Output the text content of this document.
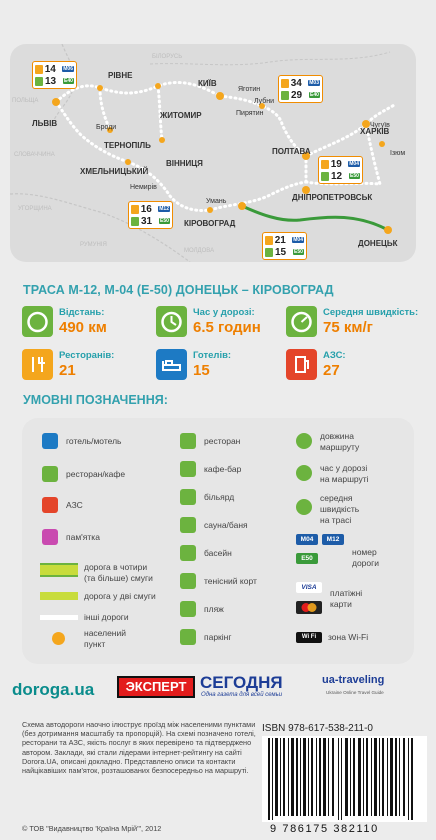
БІЛОРУСЬ
ПОЛЬЩА
СЛОВАЧЧИНА
УГОРЩИНА
РУМУНІЯ
МОЛДОВА
РІВНЕ
КИЇВ
Яготин
ЛЬВІВ	Броди
ЖИТОМИР
Лубни
Пирятин
ХАРКІВ
Чугуїв
ТЕРНОПІЛЬ
ХМЕЛЬНИЦЬКИЙ
ВІННИЦЯ
ПОЛТАВА	Ізюм
Немирів
Умань	ДНІПРОПЕТРОВСЬК
КІРОВОГРАД
ДОНЕЦЬК
14	M06
13	E40	34	M03
29	E40
19	M04
12	E50
16	M12
31	E50
21	M04
15	E50
ТРАСА М-12, М-04 (Е-50) ДОНЕЦЬК – КІРОВОГРАД
Відстань:
490 км
Час у дорозі:
6.5 годин
Середня швидкість:
75 км/г
Ресторанів:
21
Готелів:
15
АЗС:
27
УМОВНІ ПОЗНАЧЕННЯ:
готель/мотель
ресторан/кафе
АЗС
пам'ятка
дорога в чотири
(та більше) смуги
дорога у дві смуги
інші дороги
населений
пункт
ресторан
кафе-бар
більярд
сауна/баня
басейн
тенісний корт
пляж
паркінг
довжина
маршруту
час у дорозі
на маршруті
середня
швидкість
на трасі
M04	M12
E50
номер
дороги
VISA
платіжні
карти
Wi Fi	зона Wi-Fi
doroga.ua	ЭКСПЕРТ СЕГОДНЯ
Одна газета для всей семьи
ua-traveling
Ukraine Online Travel Guide
Схема автодороги наочно ілюструє проїзд між населеними пунктами (без дотримання масштабу та пропорцій). На схемі позначено готелі, ресторани та АЗС, якість послуг в яких перевірено та підтверджено автором. Заклади, які стали лідерами інтернет-рейтингу на сайті Dorога.UA, описані докладно. Представлено описи та контакти найцікавіших пам'яток, розташованих безпосередньо на маршруті.
ISBN 978-617-538-211-0
9 786175 382110
© ТОВ "Видавництво 'Країна Мрій'", 2012
